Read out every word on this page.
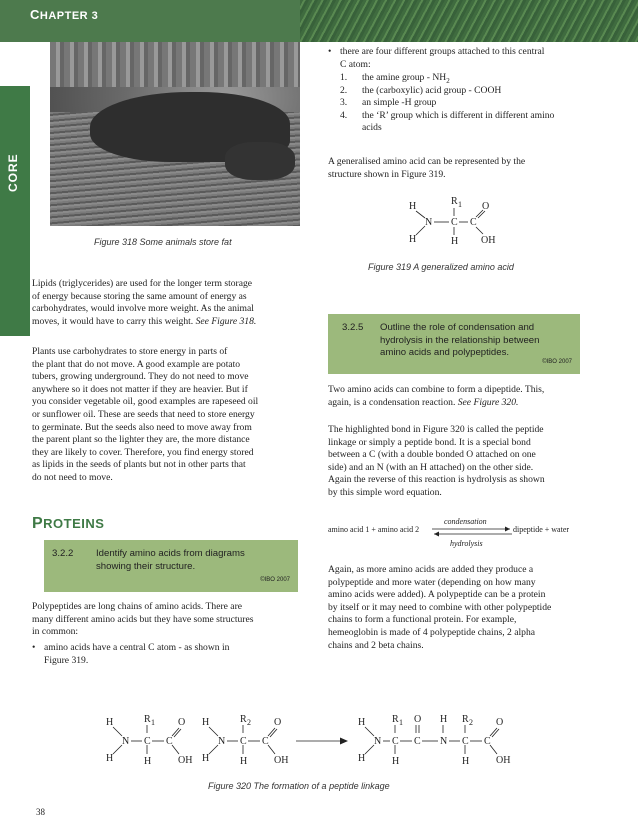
CHAPTER 3
CORE
Figure 318 Some animals store fat
Lipids (triglycerides) are used for the longer term storage
of energy because storing the same amount of energy as
carbohydrates, would involve more weight. As the animal
moves, it would have to carry this weight. See Figure 318.
Plants use carbohydrates to store energy in parts of
the plant that do not move. A good example are potato
tubers, growing underground. They do not need to move
anywhere so it does not matter if they are heavier. But if
you consider vegetable oil, good examples are rapeseed oil
or sunflower oil. These are seeds that need to store energy
to germinate. But the seeds also need to move away from
the parent plant so the lighter they are, the more distance
they are likely to cover. Therefore, you find energy stored
as lipids in the seeds of plants but not in other parts that
do not need to move.
PROTEINS
3.2.2 Identify amino acids from diagrams
showing their structure.
©IBO 2007
Polypeptides are long chains of amino acids. There are
many different amino acids but they have some structures
in common:
• amino acids have a central C atom - as shown in
Figure 319.
• there are four different groups attached to this central
C atom:
1. the amine group - $NH_2$
2. the (carboxylic) acid group - COOH
3. an simple -H group
4. the ‘R’ group which is different in different amino
acids
A generalised amino acid can be represented by the
structure shown in Figure 319.
H
H
N C C
R 1 O
H OH
Figure 319 A generalized amino acid
3.2.5 Outline the role of condensation and
hydrolysis in the relationship between
amino acids and polypeptides.
©IBO 2007
Two amino acids can combine to form a dipeptide. This,
again, is a condensation reaction. See Figure 320.
The highlighted bond in Figure 320 is called the peptide
linkage or simply a peptide bond. It is a special bond
between a C (with a double bonded O attached on one
side) and an N (with an H attached) on the other side.
Again the reverse of this reaction is hydrolysis as shown
by this simple word equation.
condensation
amino acid 1 + amino acid 2	dipeptide + water
hydrolysis
Again, as more amino acids are added they produce a
polypeptide and more water (depending on how many
amino acids were added). A polypeptide can be a protein
by itself or it may need to combine with other polypeptide
chains to form a functional protein. For example,
hemeoglobin is made of 4 polypeptide chains, 2 alpha
chains and 2 beta chains.
H
H
N C C
R 1 O
H	OH
H
H
N C C
R 2 O
H	OH
H
H
N C C
R 1 O
H
N
H
C
R 2
C
O
H	OH
Figure 320 The formation of a peptide linkage
38
